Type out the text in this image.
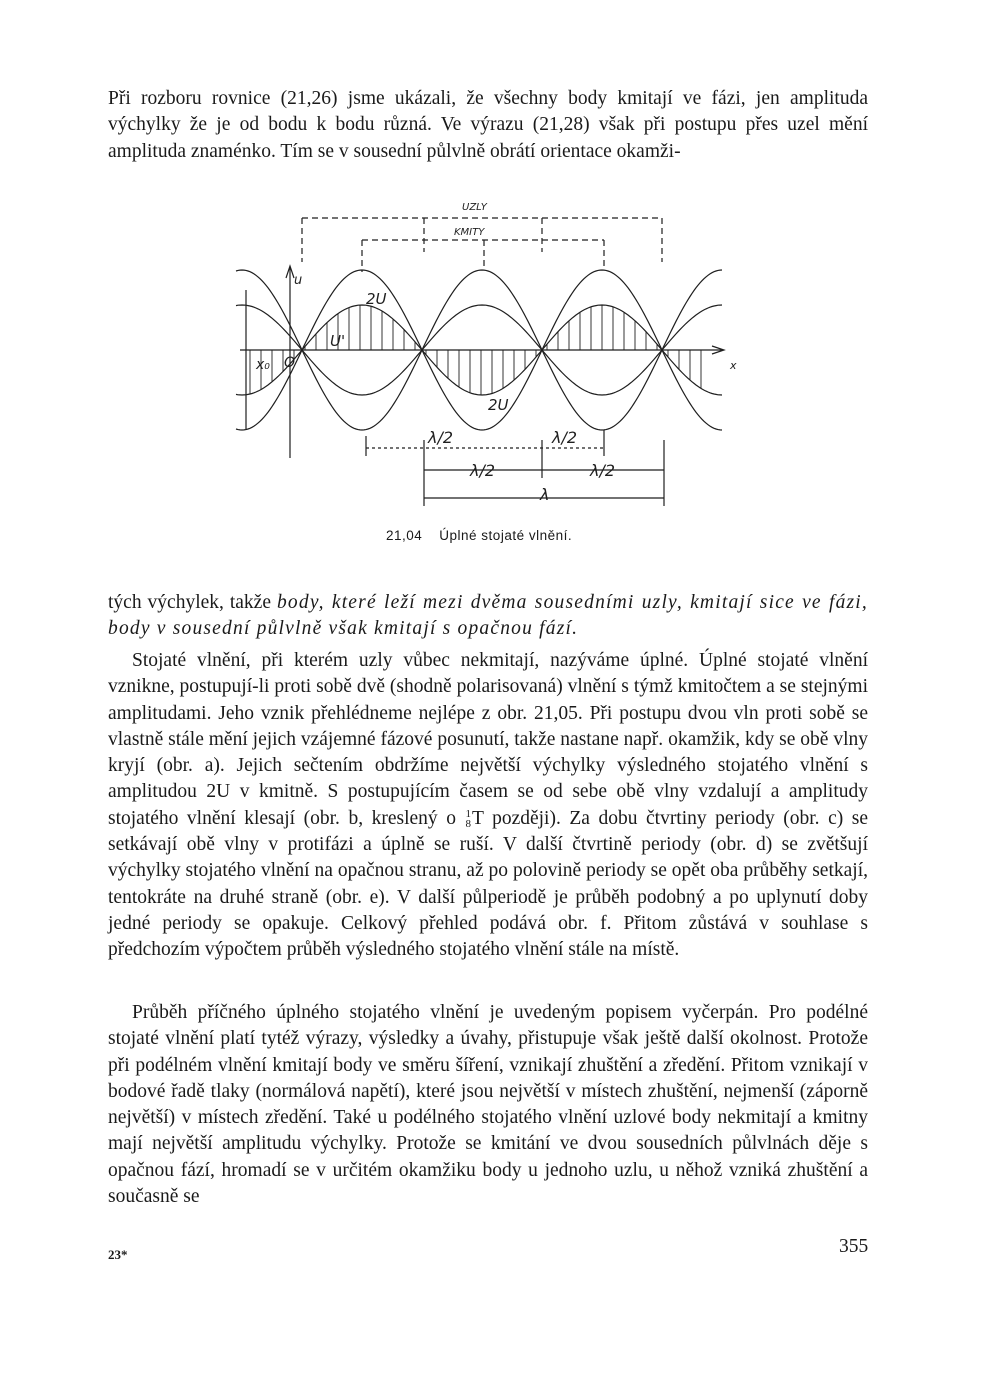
Při rozboru rovnice (21,26) jsme ukázali, že všechny body kmitají ve fázi, jen amplituda výchylky že je od bodu k bodu různá. Ve výrazu (21,28) však při postupu přes uzel mění amplituda znaménko. Tím se v sousední půlvlně obrátí orientace okamži-

UZLY
KMITY
u
2U
U'
x₀ O	x
2U
λ/2	λ/2
λ/2	λ/2
λ
21,04    Úplné stojaté vlnění.

tých výchylek, takže body, které leží mezi dvěma sousedními uzly, kmitají sice ve fázi, body v sousední půlvlně však kmitají s opačnou fází.

Stojaté vlnění, při kterém uzly vůbec nekmitají, nazýváme úplné. Úplné stojaté vlnění vznikne, postupují-li proti sobě dvě (shodně polarisovaná) vlnění s týmž kmitočtem a se stejnými amplitudami. Jeho vznik přehlédneme nejlépe z obr. 21,05. Při postupu dvou vln proti sobě se vlastně stále mění jejich vzájemné fázové posunutí, takže nastane např. okamžik, kdy se obě vlny kryjí (obr. a). Jejich sečtením obdržíme největší výchylky výsledného stojatého vlnění s amplitudou 2U v kmitně. S postupujícím časem se od sebe obě vlny vzdalují a amplitudy stojatého vlnění klesají (obr. b, kreslený o 1
8 T později). Za dobu čtvrtiny periody (obr. c) se setkávají obě vlny v protifázi a úplně se ruší. V další čtvrtině periody (obr. d) se zvětšují výchylky stojatého vlnění na opačnou stranu, až po polovině periody se opět oba průběhy setkají, tentokráte na druhé straně (obr. e). V další půlperiodě je průběh podobný a po uplynutí doby jedné periody se opakuje. Celkový přehled podává obr. f. Přitom zůstává v souhlase s předchozím výpočtem průběh výsledného stojatého vlnění stále na místě.

Průběh příčného úplného stojatého vlnění je uvedeným popisem vyčerpán. Pro podélné stojaté vlnění platí tytéž výrazy, výsledky a úvahy, přistupuje však ještě další okolnost. Protože při podélném vlnění kmitají body ve směru šíření, vznikají zhuštění a zředění. Přitom vznikají v bodové řadě tlaky (normálová napětí), které jsou největší v místech zhuštění, nejmenší (záporně největší) v místech zředění. Také u podélného stojatého vlnění uzlové body nekmitají a kmitny mají největší amplitudu výchylky. Protože se kmitání ve dvou sousedních půlvlnách děje s opačnou fází, hromadí se v určitém okamžiku body u jednoho uzlu, u něhož vzniká zhuštění a současně se

23*	355
